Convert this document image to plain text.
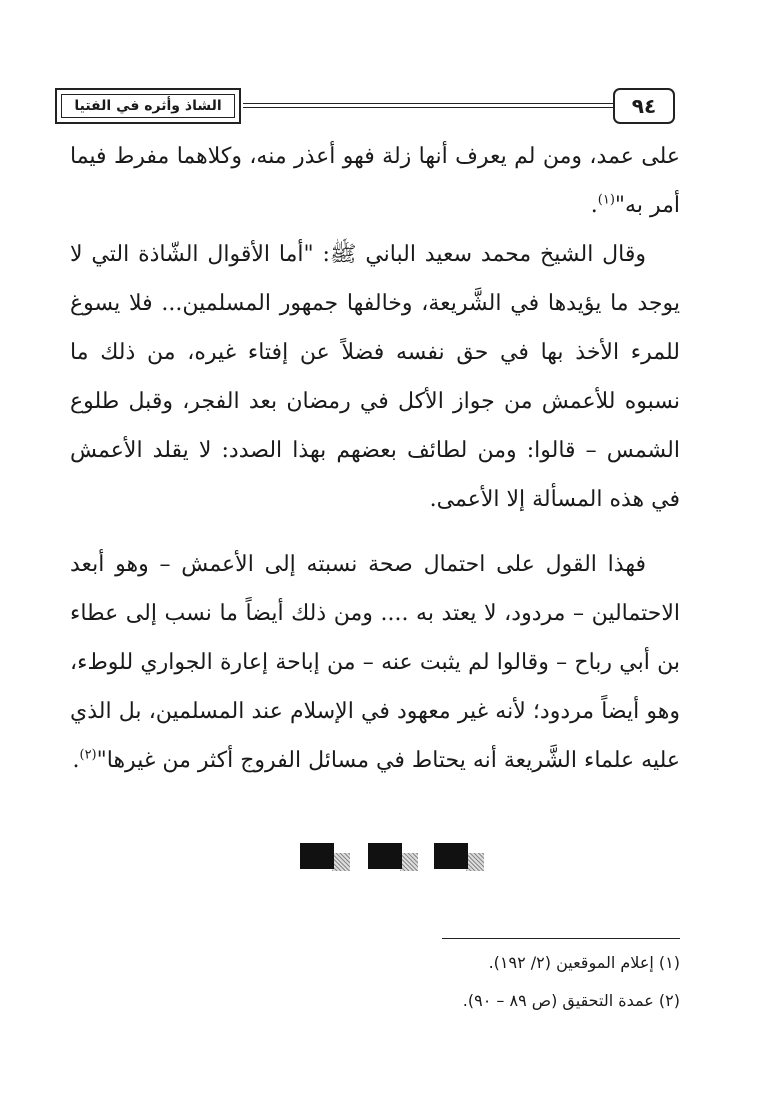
الشاذ وأثره في الفتيا	٩٤

على عمد، ومن لم يعرف أنها زلة فهو أعذر منه، وكلاهما مفرط فيما أمر به"$^{(١)}$.

وقال الشيخ محمد سعيد الباني ﷺ: "أما الأقوال الشّاذة التي لا يوجد ما يؤيدها في الشَّريعة، وخالفها جمهور المسلمين... فلا يسوغ للمرء الأخذ بها في حق نفسه فضلاً عن إفتاء غيره، من ذلك ما نسبوه للأعمش من جواز الأكل في رمضان بعد الفجر، وقبل طلوع الشمس – قالوا: ومن لطائف بعضهم بهذا الصدد: لا يقلد الأعمش في هذه المسألة إلا الأعمى.

فهذا القول على احتمال صحة نسبته إلى الأعمش – وهو أبعد الاحتمالين – مردود، لا يعتد به .... ومن ذلك أيضاً ما نسب إلى عطاء بن أبي رباح – وقالوا لم يثبت عنه – من إباحة إعارة الجواري للوطء، وهو أيضاً مردود؛ لأنه غير معهود في الإسلام عند المسلمين، بل الذي عليه علماء الشَّريعة أنه يحتاط في مسائل الفروج أكثر من غيرها"$^{(٢)}$.

(١) إعلام الموقعين (٢/ ١٩٢).
(٢) عمدة التحقيق (ص ٨٩ – ٩٠).
